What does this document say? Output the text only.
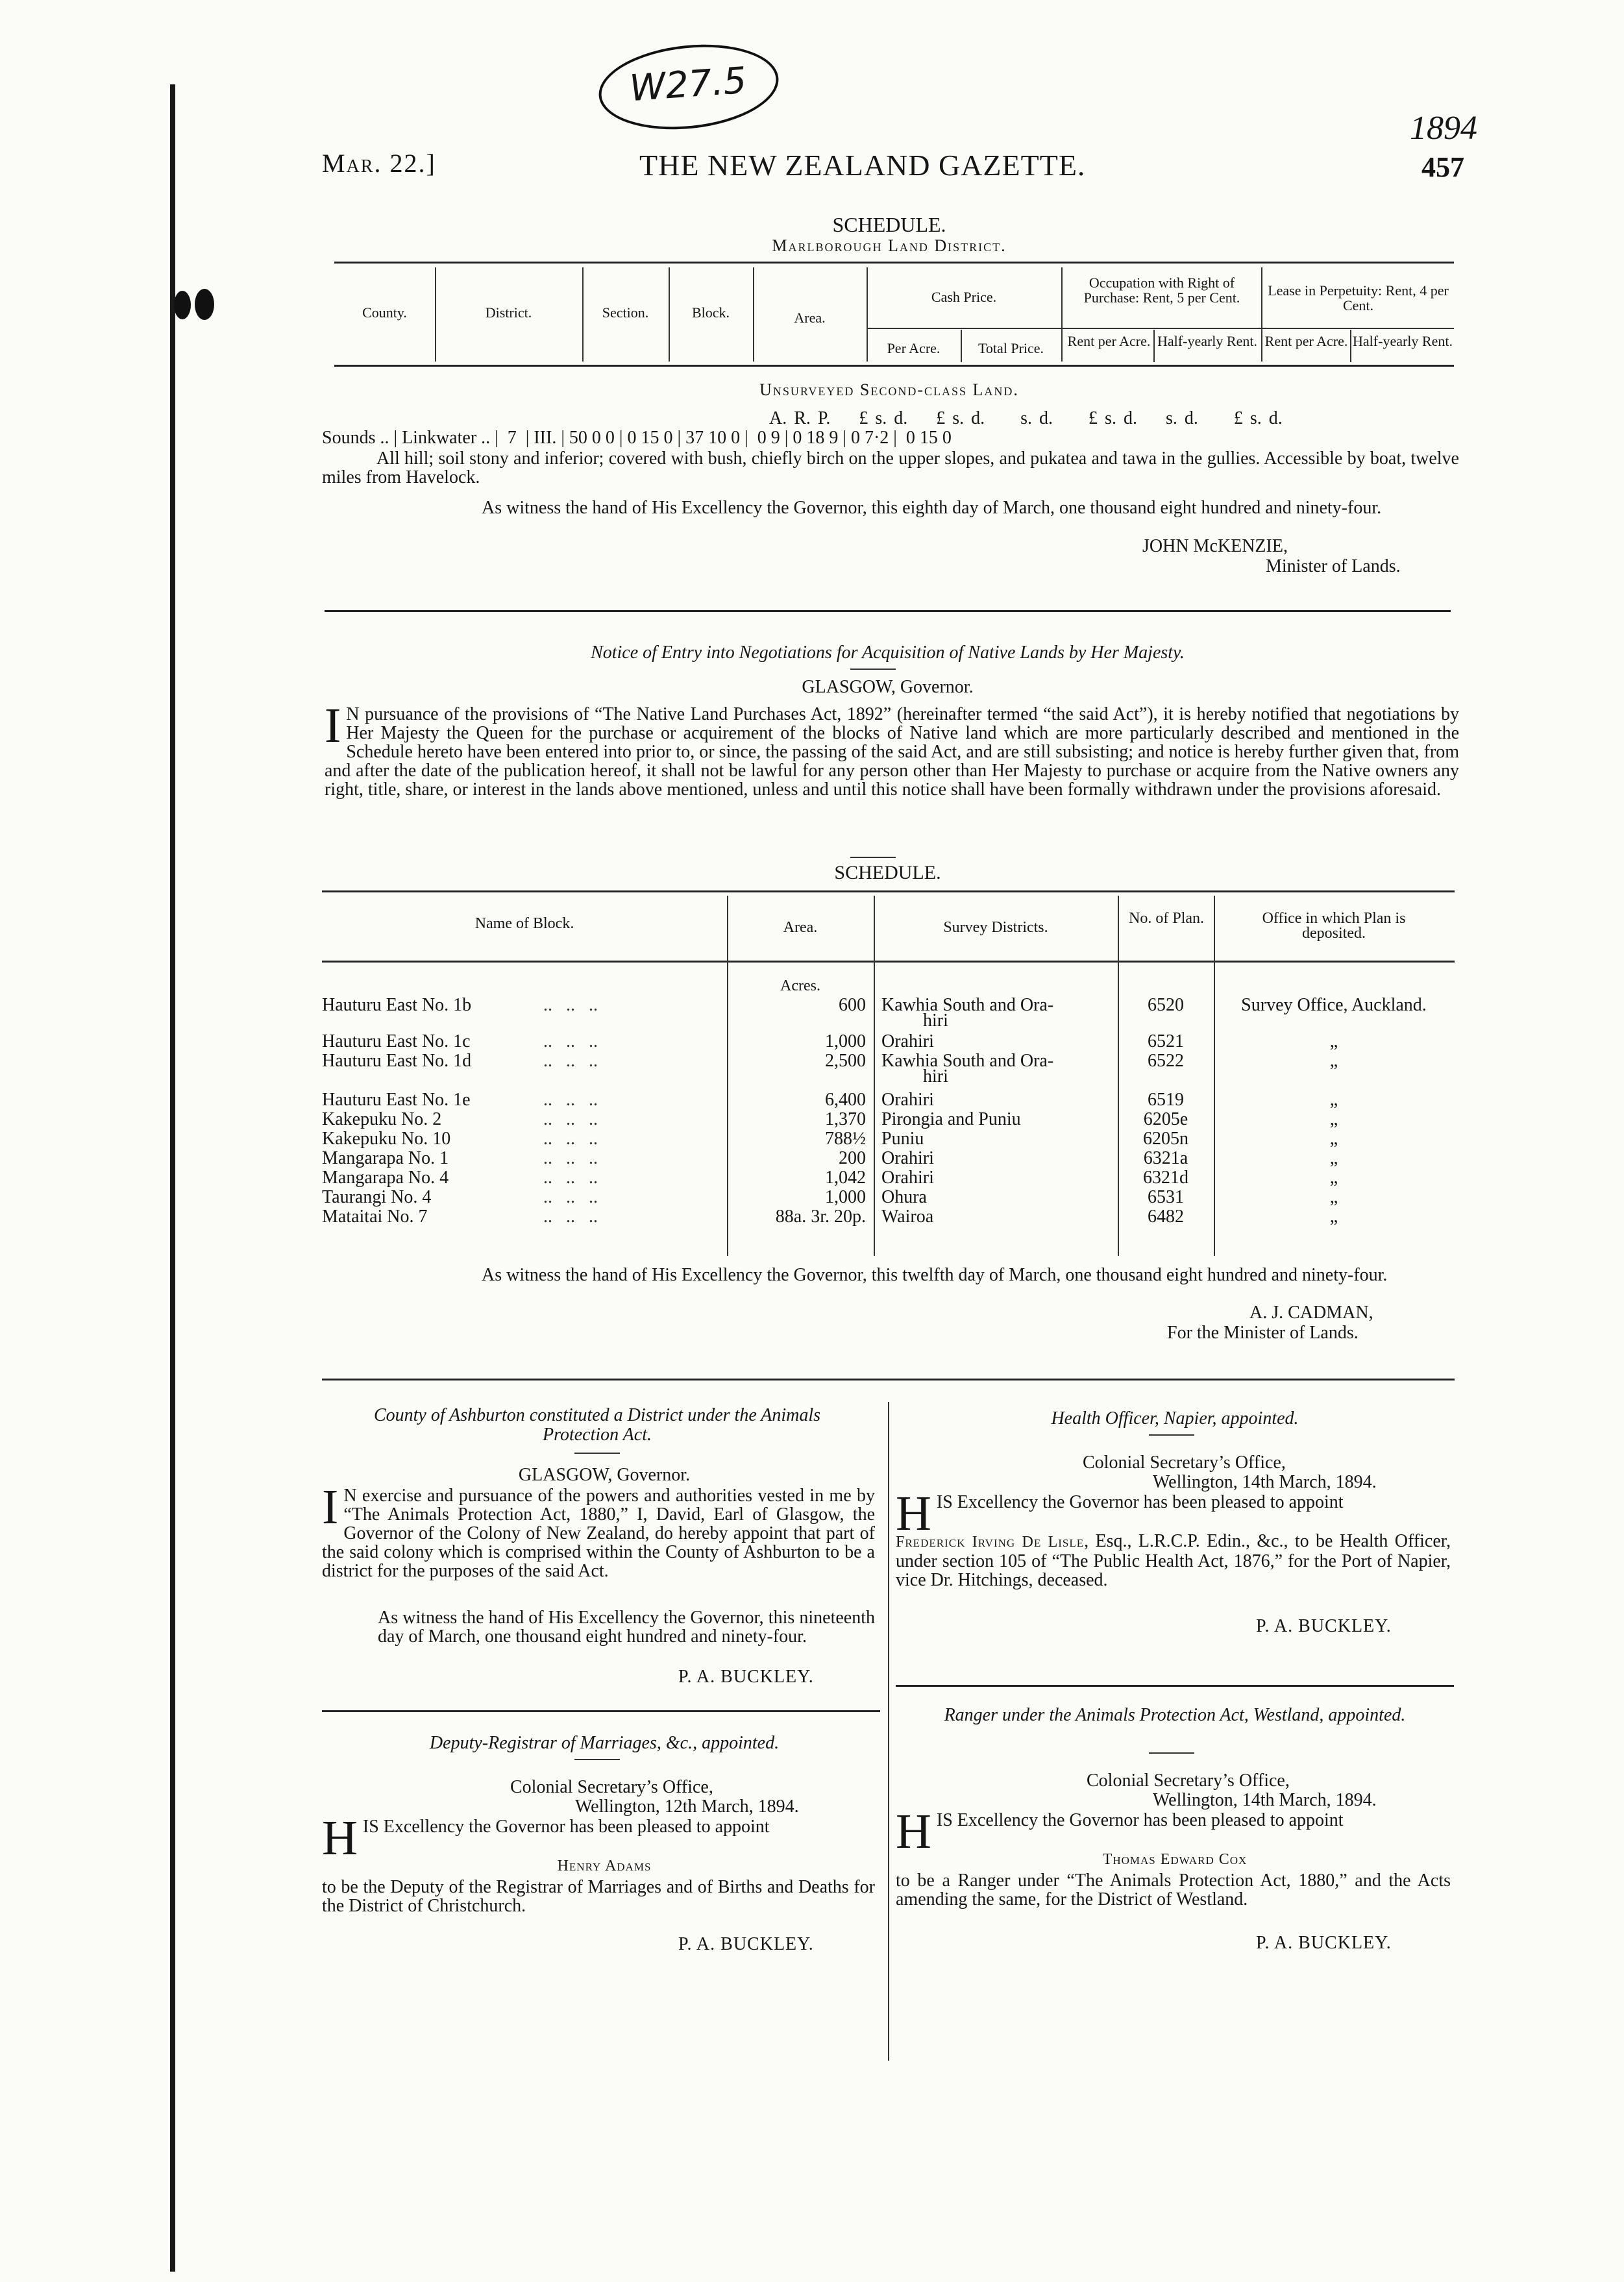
W27.5
1894
Mar. 22.]	THE NEW ZEALAND GAZETTE.	457
SCHEDULE.
Marlborough Land District.
County.	District.	Section.	Block.	Area.
Cash Price.
Per Acre.	Total Price.
Occupation with Right of Purchase: Rent, 5 per Cent.
Rent per Acre. Half-yearly Rent.
Lease in Perpetuity: Rent, 4 per Cent.
Rent per Acre. Half-yearly Rent.
Unsurveyed Second-class Land.
A. R. P.    £ s. d.    £ s. d.     s. d.     £ s. d.    s. d.     £ s. d.
Sounds .. | Linkwater .. |  7  | III. | 50 0 0 | 0 15 0 | 37 10 0 |  0 9 | 0 18 9 | 0 7·2 |  0 15 0
All hill; soil stony and inferior; covered with bush, chiefly birch on the upper slopes, and pukatea and tawa in the gullies. Accessible by boat, twelve miles from Havelock.
As witness the hand of His Excellency the Governor, this eighth day of March, one thousand eight hundred and ninety-four.
JOHN McKENZIE,
Minister of Lands.
Notice of Entry into Negotiations for Acquisition of Native Lands by Her Majesty.
GLASGOW, Governor.
I N pursuance of the provisions of “The Native Land Purchases Act, 1892” (hereinafter termed “the said Act”), it is hereby notified that negotiations by Her Majesty the Queen for the purchase or acquirement of the blocks of Native land which are more particularly described and mentioned in the Schedule hereto have been entered into prior to, or since, the passing of the said Act, and are still subsisting; and notice is hereby further given that, from and after the date of the publication hereof, it shall not be lawful for any person other than Her Majesty to purchase or acquire from the Native owners any right, title, share, or interest in the lands above mentioned, unless and until this notice shall have been formally withdrawn under the provisions aforesaid.
SCHEDULE.
Name of Block.	Area.	Survey Districts.
No. of Plan.	Office in which Plan is deposited.
Acres.
Hauturu East No. 1b	..   ..   ..	600 Kawhia South and Ora-
hiri
6520	Survey Office, Auckland.
Hauturu East No. 1c	..   ..   ..	1,000 Orahiri	6521	„
Hauturu East No. 1d	..   ..   ..	2,500 Kawhia South and Ora-
hiri
6522	„
Hauturu East No. 1e	..   ..   ..	6,400 Orahiri	6519	„
Kakepuku No. 2	..   ..   ..	1,370 Pirongia and Puniu	6205e	„
Kakepuku No. 10	..   ..   ..	788½ Puniu	6205n	„
Mangarapa No. 1	..   ..   ..	200 Orahiri	6321a	„
Mangarapa No. 4	..   ..   ..	1,042 Orahiri	6321d	„
Taurangi No. 4	..   ..   ..	1,000 Ohura	6531	„
Mataitai No. 7	..   ..   ..	88a. 3r. 20p. Wairoa	6482	„
As witness the hand of His Excellency the Governor, this twelfth day of March, one thousand eight hundred and ninety-four.
A. J. CADMAN,
For the Minister of Lands.
County of Ashburton constituted a District under the Animals Protection Act.
GLASGOW, Governor.
I N exercise and pursuance of the powers and authorities vested in me by “The Animals Protection Act, 1880,” I, David, Earl of Glasgow, the Governor of the Colony of New Zealand, do hereby appoint that part of the said colony which is comprised within the County of Ashburton to be a district for the purposes of the said Act.
As witness the hand of His Excellency the Governor, this nineteenth day of March, one thousand eight hundred and ninety-four.
P. A. BUCKLEY.
Deputy-Registrar of Marriages, &c., appointed.
Colonial Secretary’s Office,
Wellington, 12th March, 1894.
HIS Excellency the Governor has been pleased to appoint
Henry Adams
to be the Deputy of the Registrar of Marriages and of Births and Deaths for the District of Christchurch.
P. A. BUCKLEY.
Health Officer, Napier, appointed.
Colonial Secretary’s Office,
Wellington, 14th March, 1894.
HIS Excellency the Governor has been pleased to appoint
Frederick Irving De Lisle, Esq., L.R.C.P. Edin., &c., to be Health Officer, under section 105 of “The Public Health Act, 1876,” for the Port of Napier, vice Dr. Hitchings, deceased.
P. A. BUCKLEY.
Ranger under the Animals Protection Act, Westland, appointed.
Colonial Secretary’s Office,
Wellington, 14th March, 1894.
HIS Excellency the Governor has been pleased to appoint
Thomas Edward Cox
to be a Ranger under “The Animals Protection Act, 1880,” and the Acts amending the same, for the District of Westland.
P. A. BUCKLEY.
